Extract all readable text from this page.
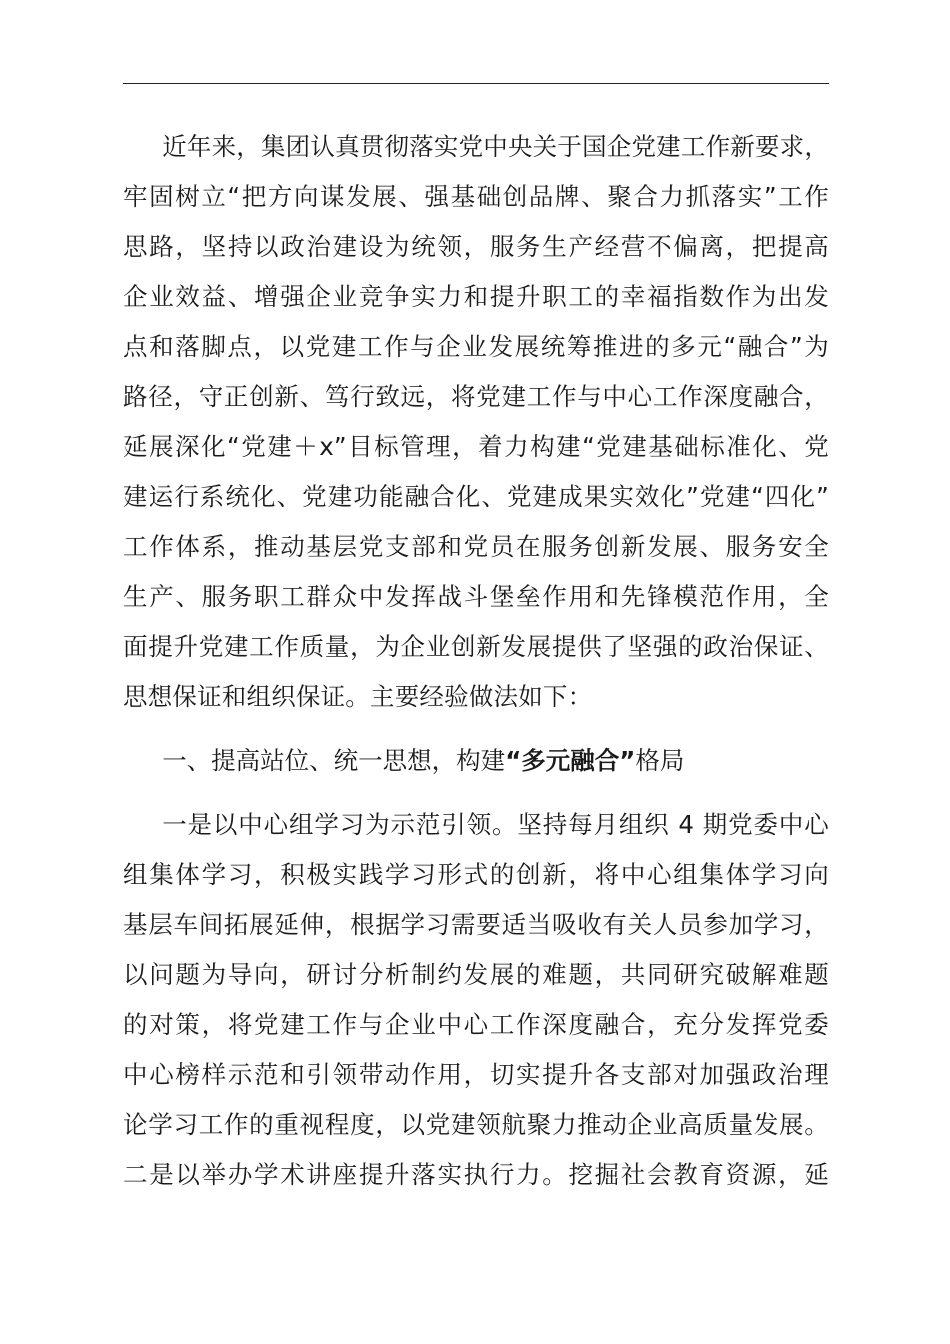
近年来，集团认真贯彻落实党中央关于国企党建工作新要求，
牢固树立“把方向谋发展、强基础创品牌、聚合力抓落实”工作
思路，坚持以政治建设为统领，服务生产经营不偏离，把提高
企业效益、增强企业竞争实力和提升职工的幸福指数作为出发
点和落脚点，以党建工作与企业发展统筹推进的多元“融合”为
路径，守正创新、笃行致远，将党建工作与中心工作深度融合，
延展深化“党建＋x”目标管理，着力构建“党建基础标准化、党
建运行系统化、党建功能融合化、党建成果实效化”党建“四化”
工作体系，推动基层党支部和党员在服务创新发展、服务安全
生产、服务职工群众中发挥战斗堡垒作用和先锋模范作用，全
面提升党建工作质量，为企业创新发展提供了坚强的政治保证、
思想保证和组织保证。主要经验做法如下：

一、提高站位、统一思想，构建“多元融合”格局

一是以中心组学习为示范引领。坚持每月组织 4 期党委中心
组集体学习，积极实践学习形式的创新，将中心组集体学习向
基层车间拓展延伸，根据学习需要适当吸收有关人员参加学习，
以问题为导向，研讨分析制约发展的难题，共同研究破解难题
的对策，将党建工作与企业中心工作深度融合，充分发挥党委
中心榜样示范和引领带动作用，切实提升各支部对加强政治理
论学习工作的重视程度，以党建领航聚力推动企业高质量发展。
二是以举办学术讲座提升落实执行力。挖掘社会教育资源，延
